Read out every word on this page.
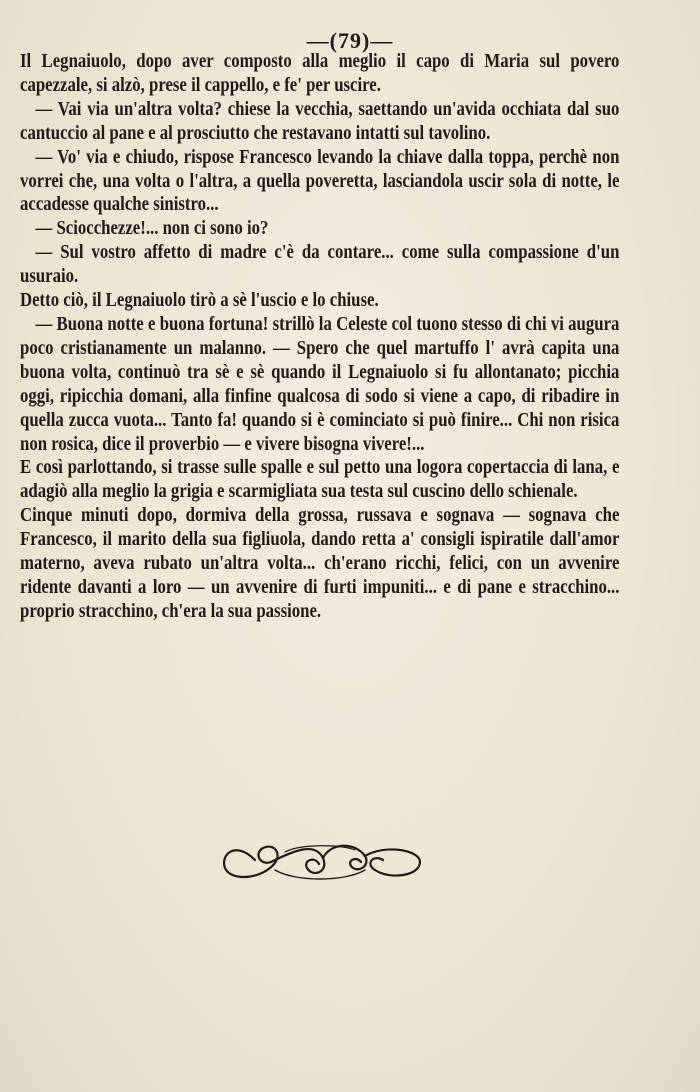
—(79)—

Il Legnaiuolo, dopo aver composto alla meglio il capo di Maria sul povero capezzale, si alzò, prese il cappello, e fe' per uscire.

— Vai via un'altra volta? chiese la vecchia, saettando un'avida occhiata dal suo cantuccio al pane e al prosciutto che restavano intatti sul tavolino.

— Vo' via e chiudo, rispose Francesco levando la chiave dalla toppa, perchè non vorrei che, una volta o l'altra, a quella poveretta, lasciandola uscir sola di notte, le accadesse qualche sinistro...

— Sciocchezze!... non ci sono io?

— Sul vostro affetto di madre c'è da contare... come sulla compassione d'un usuraio.

Detto ciò, il Legnaiuolo tirò a sè l'uscio e lo chiuse.

— Buona notte e buona fortuna! strillò la Celeste col tuono stesso di chi vi augura poco cristianamente un malanno. — Spero che quel martuffo l' avrà capita una buona volta, continuò tra sè e sè quando il Legnaiuolo si fu allontanato; picchia oggi, ripicchia domani, alla finfine qualcosa di sodo si viene a capo, di ribadire in quella zucca vuota... Tanto fa! quando si è cominciato si può finire... Chi non risica non rosica, dice il proverbio — e vivere bisogna vivere!...

E così parlottando, si trasse sulle spalle e sul petto una logora copertaccia di lana, e adagiò alla meglio la grigia e scarmigliata sua testa sul cuscino dello schienale.

Cinque minuti dopo, dormiva della grossa, russava e sognava — sognava che Francesco, il marito della sua figliuola, dando retta a' consigli ispiratile dall'amor materno, aveva rubato un'altra volta... ch'erano ricchi, felici, con un avvenire ridente davanti a loro — un avvenire di furti impuniti... e di pane e stracchino... proprio stracchino, ch'era la sua passione.
